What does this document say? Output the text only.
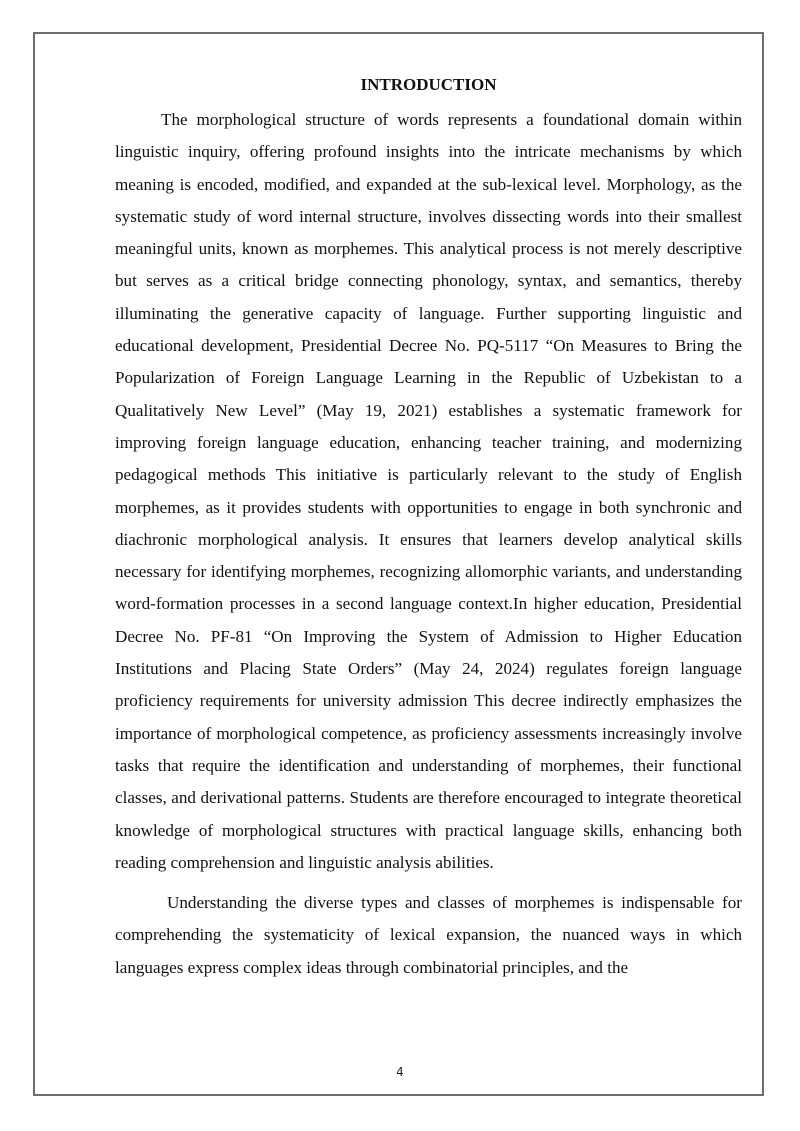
INTRODUCTION

The morphological structure of words represents a foundational domain within linguistic inquiry, offering profound insights into the intricate mechanisms by which meaning is encoded, modified, and expanded at the sub-lexical level. Morphology, as the systematic study of word internal structure, involves dissecting words into their smallest meaningful units, known as morphemes. This analytical process is not merely descriptive but serves as a critical bridge connecting phonology, syntax, and semantics, thereby illuminating the generative capacity of language. Further supporting linguistic and educational development, Presidential Decree No. PQ-5117 “On Measures to Bring the Popularization of Foreign Language Learning in the Republic of Uzbekistan to a Qualitatively New Level” (May 19, 2021) establishes a systematic framework for improving foreign language education, enhancing teacher training, and modernizing pedagogical methods This initiative is particularly relevant to the study of English morphemes, as it provides students with opportunities to engage in both synchronic and diachronic morphological analysis. It ensures that learners develop analytical skills necessary for identifying morphemes, recognizing allomorphic variants, and understanding word-formation processes in a second language context.In higher education, Presidential Decree No. PF-81 “On Improving the System of Admission to Higher Education Institutions and Placing State Orders” (May 24, 2024) regulates foreign language proficiency requirements for university admission This decree indirectly emphasizes the importance of morphological competence, as proficiency assessments increasingly involve tasks that require the identification and understanding of morphemes, their functional classes, and derivational patterns. Students are therefore encouraged to integrate theoretical knowledge of morphological structures with practical language skills, enhancing both reading comprehension and linguistic analysis abilities.

Understanding the diverse types and classes of morphemes is indispensable for comprehending the systematicity of lexical expansion, the nuanced ways in which languages express complex ideas through combinatorial principles, and the

4
